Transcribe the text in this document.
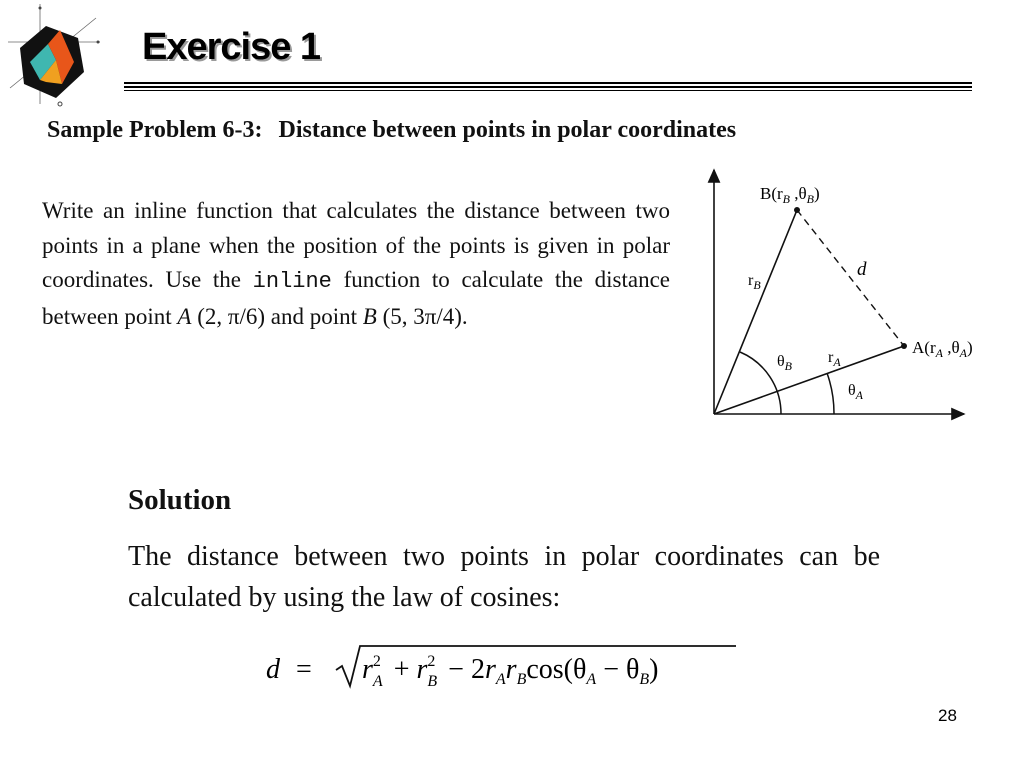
Exercise 1
Sample Problem 6-3: Distance between points in polar coordinates

Write an inline function that calculates the distance between two points in a plane when the position of the points is given in polar coordinates. Use the inline function to calculate the distance between point A (2, π/6) and point B (5, 3π/4).

$B(r_B$ $,\theta_B$)
d
$r_B$
$r_A$
$A(r_A$ $,\theta_A$)
$\theta_B$
$\theta_A$
Solution

The distance between two points in polar coordinates can be calculated by using the law of cosines:

$d = r^2$ $A + r^2$ $B - 2r_Ar_B\cos(\theta_A - \theta_B)$
28
